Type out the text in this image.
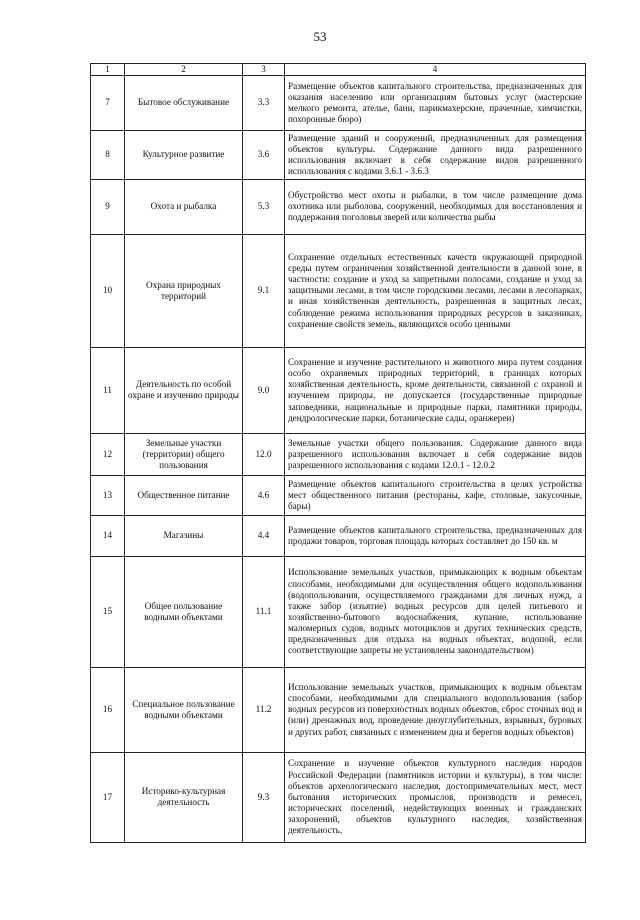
53
1	2	3	4
7	Бытовое обслуживание	3.3	Размещение объектов капитального строительства, предназначенных для оказания населению или организациям бытовых услуг (мастерские мелкого ремонта, ателье, бани, парикмахерские, прачечные, химчистки, похоронные бюро)
8	Культурное развитие	3.6	Размещение зданий и сооружений, предназначенных для размещения объектов культуры. Содержание данного вида разрешенного использования включает в себя содержание видов разрешенного использования с кодами 3.6.1 - 3.6.3
9	Охота и рыбалка	5.3	Обустройство мест охоты и рыбалки, в том числе размещение дома охотника или рыболова, сооружений, необходимых для восстановления и поддержания поголовья зверей или количества рыбы
10	Охрана природных территорий	9.1	Сохранение отдельных естественных качеств окружающей природной среды путем ограничения хозяйственной деятельности в данной зоне, в частности: создание и уход за запретными полосами, создание и уход за защитными лесами, в том числе городскими лесами, лесами в лесопарках, и иная хозяйственная деятельность, разрешенная в защитных лесах, соблюдение режима использования природных ресурсов в заказниках, сохранение свойств земель, являющихся особо ценными
11	Деятельность по особой охране и изучению природы	9.0	Сохранение и изучение растительного и животного мира путем создания особо охраняемых природных территорий, в границах которых хозяйственная деятельность, кроме деятельности, связанной с охраной и изучением природы, не допускается (государственные природные заповедники, национальные и природные парки, памятники природы, дендрологические парки, ботанические сады, оранжереи)
12	Земельные участки (территории) общего пользования	12.0	Земельные участки общего пользования. Содержание данного вида разрешенного использования включает в себя содержание видов разрешенного использования с кодами 12.0.1 - 12.0.2
13	Общественное питание	4.6	Размещение объектов капитального строительства в целях устройства мест общественного питания (рестораны, кафе, столовые, закусочные, бары)
14	Магазины	4.4	Размещение объектов капитального строительства, предназначенных для продажи товаров, торговая площадь которых составляет до 150 кв. м
15	Общее пользование водными объектами	11.1	Использование земельных участков, примыкающих к водным объектам способами, необходимыми для осуществления общего водопользования (водопользования, осуществляемого гражданами для личных нужд, а также забор (изъятие) водных ресурсов для целей питьевого и хозяйственно-бытового водоснабжения, купание, использование маломерных судов, водных мотоциклов и других технических средств, предназначенных для отдыха на водных объектах, водопой, если соответствующие запреты не установлены законодательством)
16	Специальное пользование водными объектами	11.2	Использование земельных участков, примыкающих к водным объектам способами, необходимыми для специального водопользования (забор водных ресурсов из поверхностных водных объектов, сброс сточных вод и (или) дренажных вод, проведение дноуглубительных, взрывных, буровых и других работ, связанных с изменением дна и берегов водных объектов)
17	Историко-культурная деятельность	9.3	Сохранение и изучение объектов культурного наследия народов Российской Федерации (памятников истории и культуры), в том числе: объектов археологического наследия, достопримечательных мест, мест бытования исторических промыслов, производств и ремесел, исторических поселений, недействующих военных и гражданских захоронений, объектов культурного наследия, хозяйственная деятельность,
